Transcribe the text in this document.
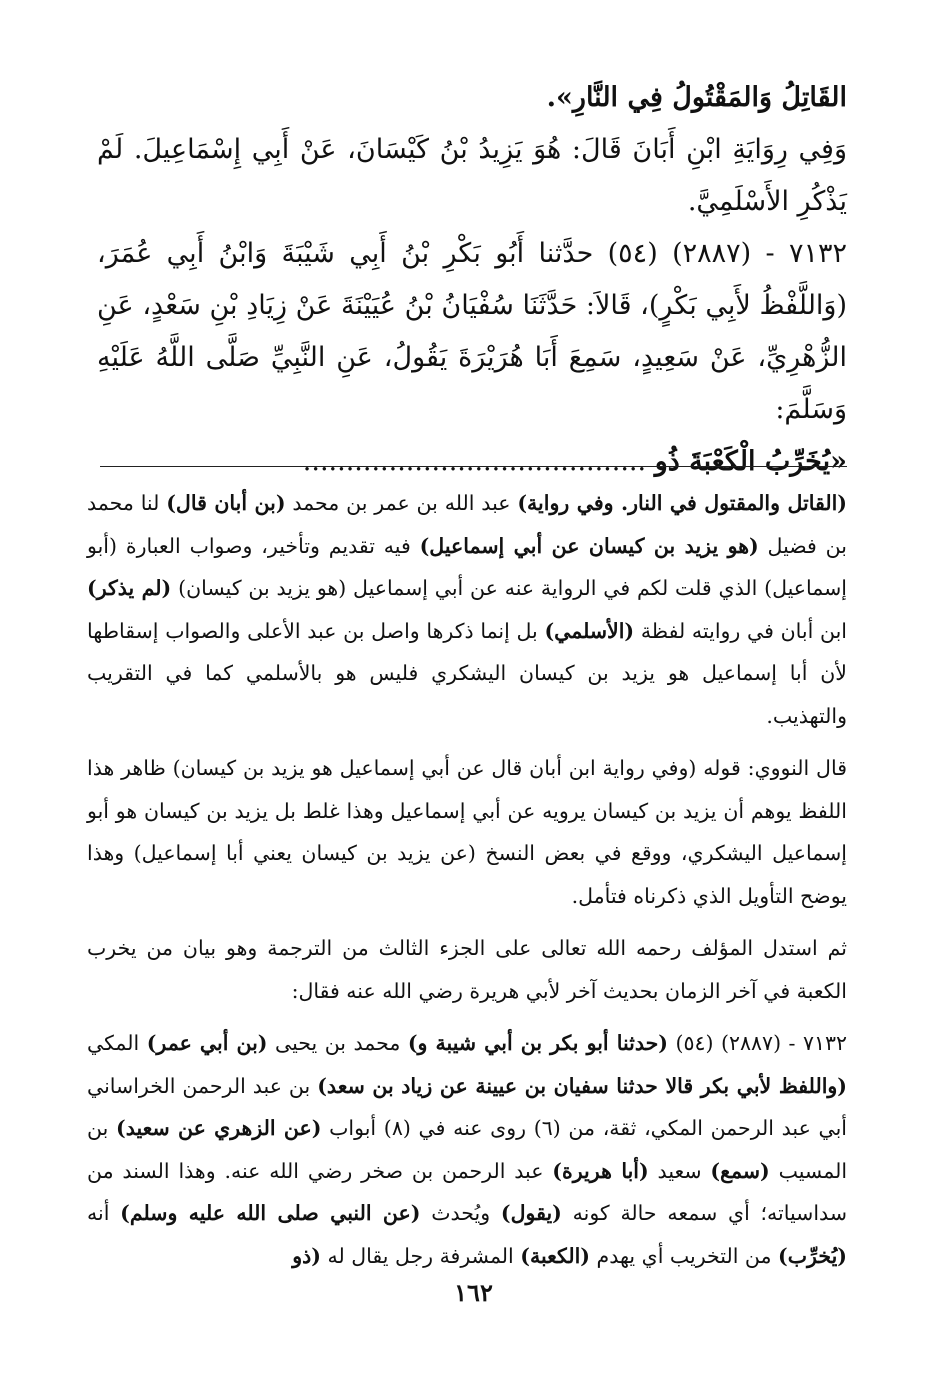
القَاتِلُ وَالمَقْتُولُ فِي النَّارِ».

وَفِي رِوَايَةِ ابْنِ أَبَانَ قَالَ: هُوَ يَزِيدُ بْنُ كَيْسَانَ، عَنْ أَبِي إِسْمَاعِيلَ. لَمْ يَذْكُرِ الأَسْلَمِيَّ.

٧١٣٢ - (٢٨٨٧) (٥٤) حدَّثنا أَبُو بَكْرِ بْنُ أَبِي شَيْبَةَ وَابْنُ أَبِي عُمَرَ، (وَاللَّفْظُ لأَبِي بَكْرٍ)، قَالاَ: حَدَّثَنَا سُفْيَانُ بْنُ عُيَيْنَةَ عَنْ زِيَادِ بْنِ سَعْدٍ، عَنِ الزُّهْرِيِّ، عَنْ سَعِيدٍ، سَمِعَ أَبَا هُرَيْرَةَ يَقُولُ، عَنِ النَّبِيِّ صَلَّى اللَّهُ عَلَيْهِ وَسَلَّمَ:
«يُخَرِّبُ الْكَعْبَةَ ذُو ........................................

(القاتل والمقتول في النار. وفي رواية) عبد الله بن عمر بن محمد (بن أبان قال) لنا محمد بن فضيل (هو يزيد بن كيسان عن أبي إسماعيل) فيه تقديم وتأخير، وصواب العبارة (أبو إسماعيل) الذي قلت لكم في الرواية عنه عن أبي إسماعيل (هو يزيد بن كيسان) (لم يذكر) ابن أبان في روايته لفظة (الأسلمي) بل إنما ذكرها واصل بن عبد الأعلى والصواب إسقاطها لأن أبا إسماعيل هو يزيد بن كيسان اليشكري فليس هو بالأسلمي كما في التقريب والتهذيب.

قال النووي: قوله (وفي رواية ابن أبان قال عن أبي إسماعيل هو يزيد بن كيسان) ظاهر هذا اللفظ يوهم أن يزيد بن كيسان يرويه عن أبي إسماعيل وهذا غلط بل يزيد بن كيسان هو أبو إسماعيل اليشكري، ووقع في بعض النسخ (عن يزيد بن كيسان يعني أبا إسماعيل) وهذا يوضح التأويل الذي ذكرناه فتأمل.

ثم استدل المؤلف رحمه الله تعالى على الجزء الثالث من الترجمة وهو بيان من يخرب الكعبة في آخر الزمان بحديث آخر لأبي هريرة رضي الله عنه فقال:

٧١٣٢ - (٢٨٨٧) (٥٤) (حدثنا أبو بكر بن أبي شيبة و) محمد بن يحيى (بن أبي عمر) المكي (واللفظ لأبي بكر قالا حدثنا سفيان بن عيينة عن زياد بن سعد) بن عبد الرحمن الخراساني أبي عبد الرحمن المكي، ثقة، من (٦) روى عنه في (٨) أبواب (عن الزهري عن سعيد) بن المسيب (سمع) سعيد (أبا هريرة) عبد الرحمن بن صخر رضي الله عنه. وهذا السند من سداسياته؛ أي سمعه حالة كونه (يقول) ويُحدث (عن النبي صلى الله عليه وسلم) أنه (يُخرِّب) من التخريب أي يهدم (الكعبة) المشرفة رجل يقال له (ذو

١٦٢
